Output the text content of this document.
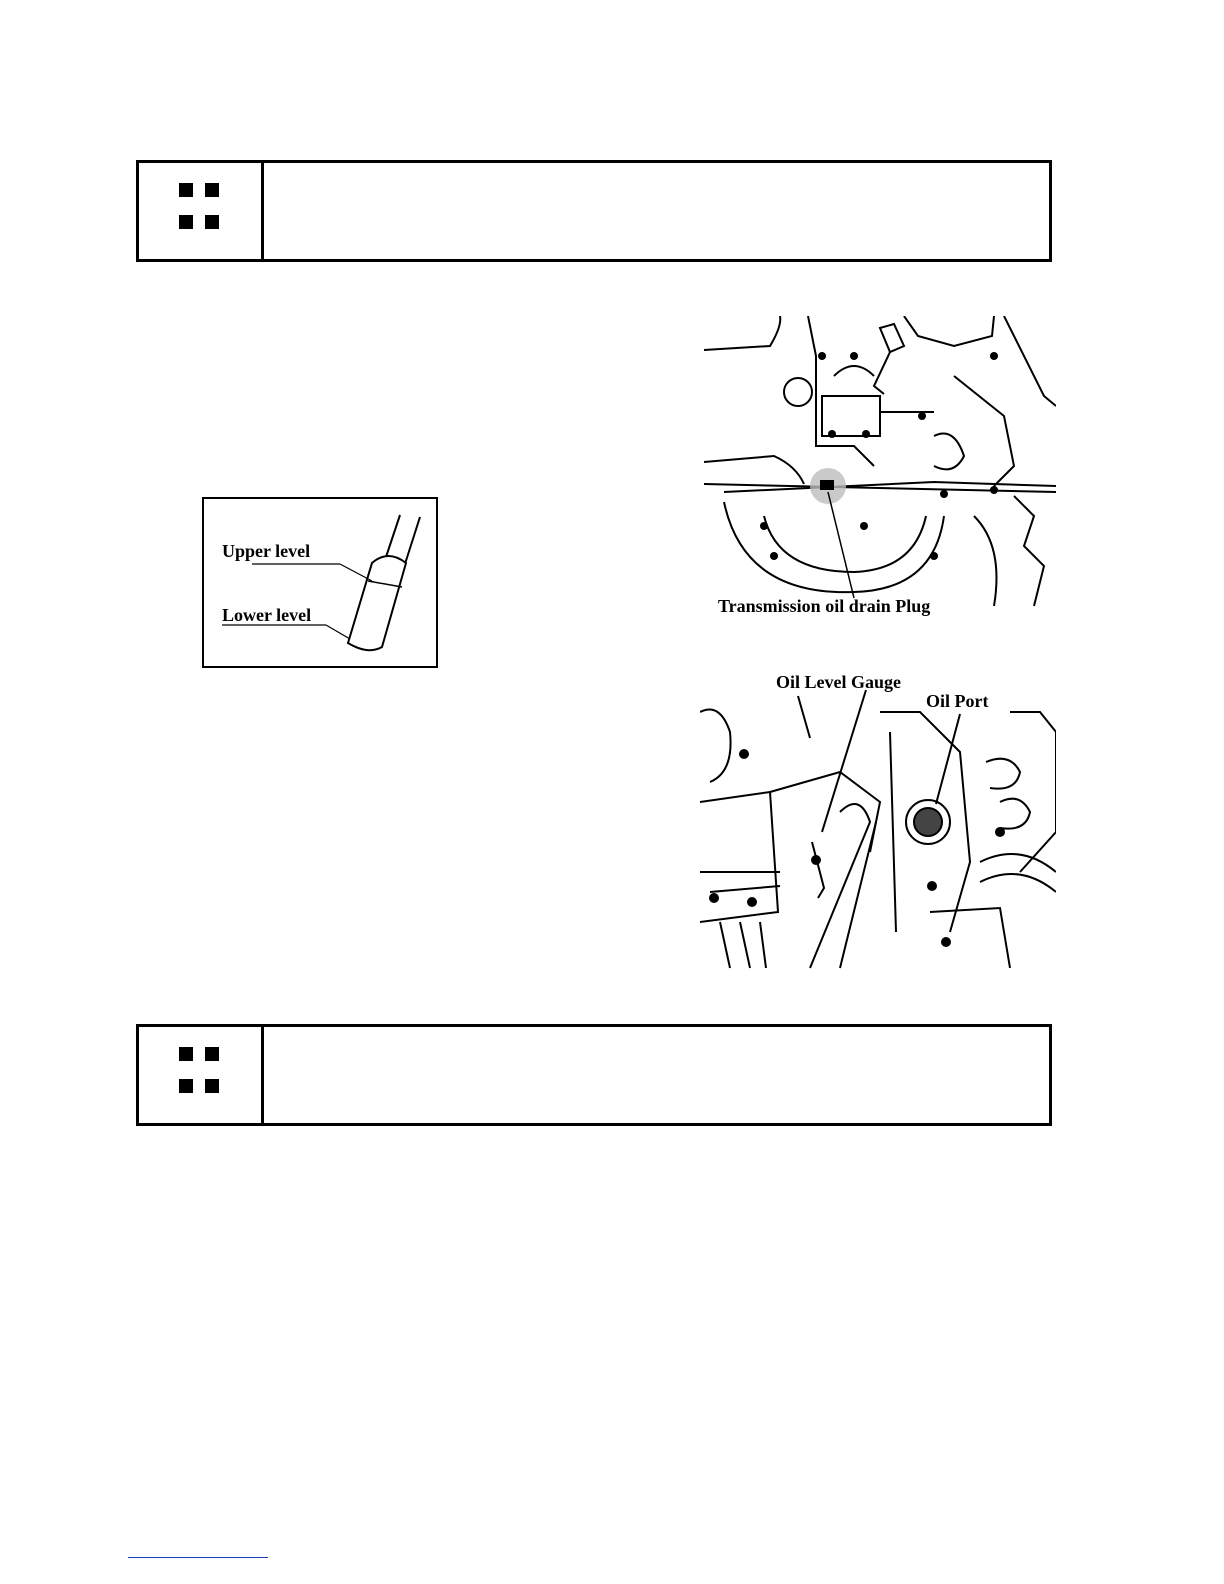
Upper level
Lower level	Transmission oil drain Plug
Oil Level Gauge
Oil Port
